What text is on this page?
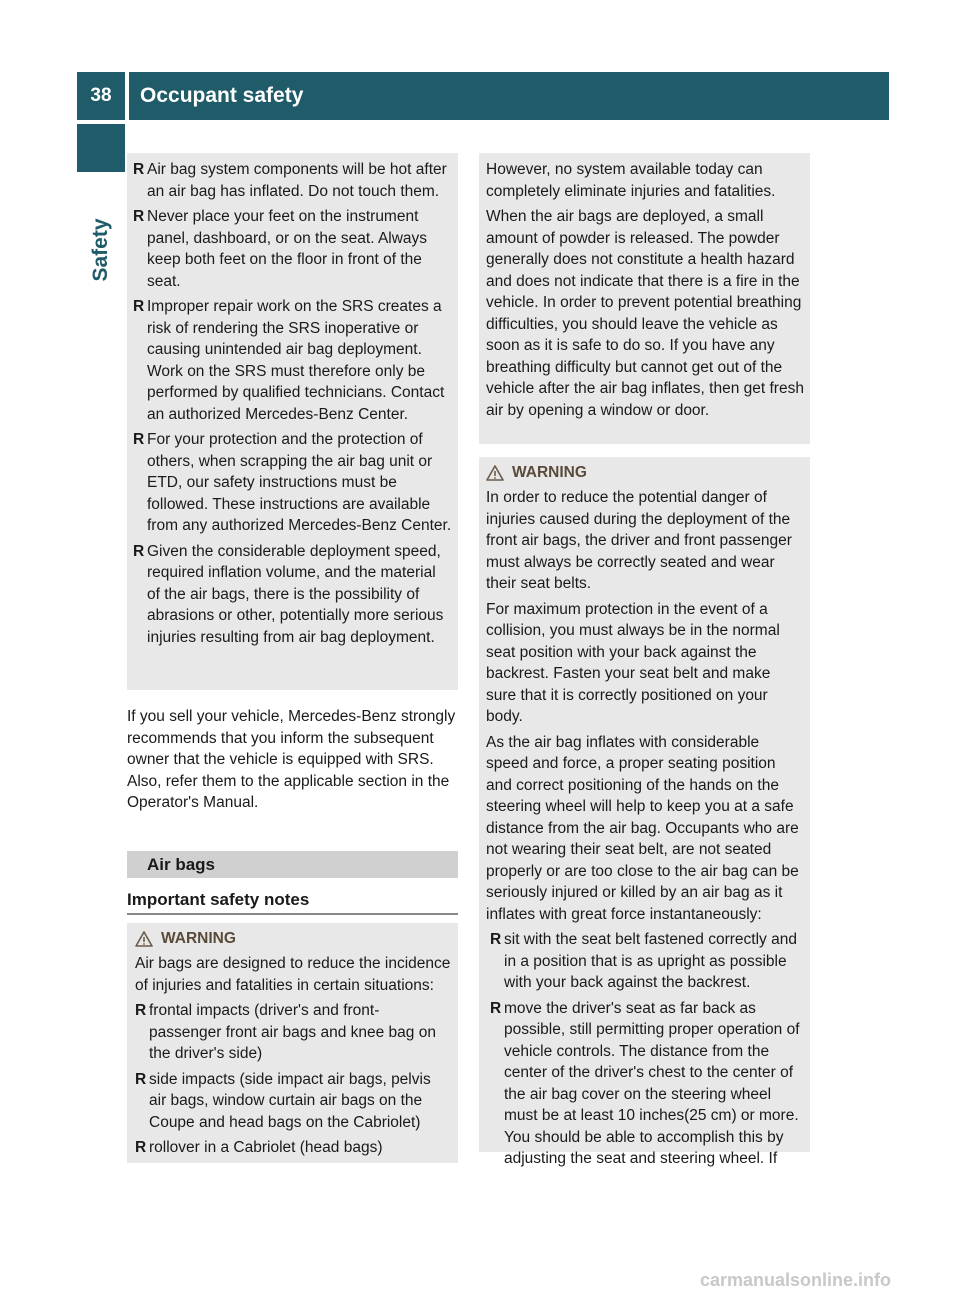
38	Occupant safety
Safety
R Air bag system components will be hot after an air bag has inflated. Do not touch them.
R Never place your feet on the instrument panel, dashboard, or on the seat. Always keep both feet on the floor in front of the seat.
R Improper repair work on the SRS creates a risk of rendering the SRS inoperative or causing unintended air bag deployment. Work on the SRS must therefore only be performed by qualified technicians. Contact an authorized Mercedes-Benz Center.
R For your protection and the protection of others, when scrapping the air bag unit or ETD, our safety instructions must be followed. These instructions are available from any authorized Mercedes-Benz Center.
R Given the considerable deployment speed, required inflation volume, and the material of the air bags, there is the possibility of abrasions or other, potentially more serious injuries resulting from air bag deployment.

If you sell your vehicle, Mercedes-Benz strongly recommends that you inform the subsequent owner that the vehicle is equipped with SRS. Also, refer them to the applicable section in the Operator's Manual.

Air bags
Important safety notes
WARNING

Air bags are designed to reduce the incidence of injuries and fatalities in certain situations:

R frontal impacts (driver's and front-passenger front air bags and knee bag on the driver's side)
R side impacts (side impact air bags, pelvis air bags, window curtain air bags on the Coupe and head bags on the Cabriolet)
R rollover in a Cabriolet (head bags)

However, no system available today can completely eliminate injuries and fatalities.

When the air bags are deployed, a small amount of powder is released. The powder generally does not constitute a health hazard and does not indicate that there is a fire in the vehicle. In order to prevent potential breathing difficulties, you should leave the vehicle as soon as it is safe to do so. If you have any breathing difficulty but cannot get out of the vehicle after the air bag inflates, then get fresh air by opening a window or door.

WARNING

In order to reduce the potential danger of injuries caused during the deployment of the front air bags, the driver and front passenger must always be correctly seated and wear their seat belts.

For maximum protection in the event of a collision, you must always be in the normal seat position with your back against the backrest. Fasten your seat belt and make sure that it is correctly positioned on your body.

As the air bag inflates with considerable speed and force, a proper seating position and correct positioning of the hands on the steering wheel will help to keep you at a safe distance from the air bag. Occupants who are not wearing their seat belt, are not seated properly or are too close to the air bag can be seriously injured or killed by an air bag as it inflates with great force instantaneously:

R sit with the seat belt fastened correctly and in a position that is as upright as possible with your back against the backrest.
R move the driver's seat as far back as possible, still permitting proper operation of vehicle controls. The distance from the center of the driver's chest to the center of the air bag cover on the steering wheel must be at least 10 inches(25 cm) or more. You should be able to accomplish this by adjusting the seat and steering wheel. If
carmanualsonline.info
